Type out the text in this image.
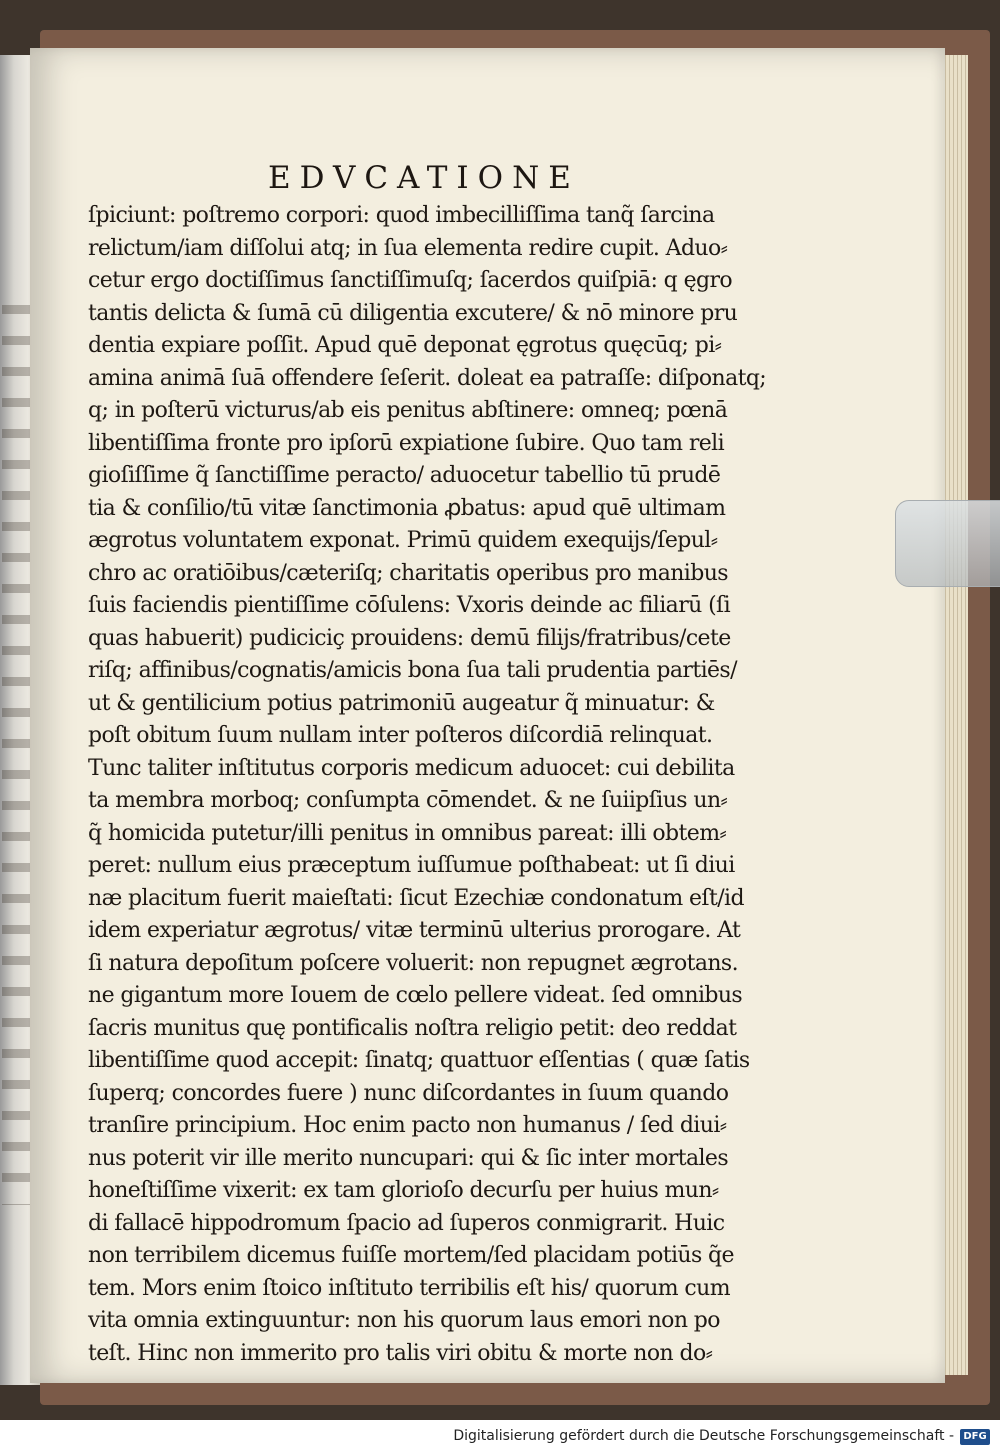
EDVCATIONE
ſpiciunt: poſtremo corpori: quod imbecilliſſima tanq̃ ſarcina
relictum/iam diſſolui atq; in ſua elementa redire cupit. Aduo⸗
cetur ergo doctiſſimus ſanctiſſimuſq; ſacerdos quiſpiā: q ęgro
tantis delicta & ſumā cū diligentia excutere/ & nō minore pru
dentia expiare poſſit. Apud quē deponat ęgrotus quęcūq; pi⸗
amina animā ſuā offendere ſeſerit. doleat ea patraſſe: diſponatq;
q; in poſterū victurus/ab eis penitus abſtinere: omneq; pœnā
libentiſſima fronte pro ipſorū expiatione ſubire. Quo tam reli
gioſiſſime q̃ ſanctiſſime peracto/ aduocetur tabellio tū prudē
tia & conſilio/tū vitæ ſanctimonia ꝓbatus: apud quē ultimam
ægrotus voluntatem exponat. Primū quidem exequijs/ſepul⸗
chro ac oratiōibus/cæteriſq; charitatis operibus pro manibus
ſuis faciendis pientiſſime cōſulens: Vxoris deinde ac filiarū (ſi
quas habuerit) pudiciciç prouidens: demū filijs/fratribus/cete
riſq; affinibus/cognatis/amicis bona ſua tali prudentia partiēs/
ut & gentilicium potius patrimoniū augeatur q̃ minuatur: &
poſt obitum ſuum nullam inter poſteros diſcordiā relinquat.
Tunc taliter inſtitutus corporis medicum aduocet: cui debilita
ta membra morboq; conſumpta cōmendet. & ne ſuiipſius un⸗
q̃ homicida putetur/illi penitus in omnibus pareat: illi obtem⸗
peret: nullum eius præceptum iuſſumue poſthabeat: ut ſi diui
næ placitum fuerit maieſtati: ſicut Ezechiæ condonatum eſt/id
idem experiatur ægrotus/ vitæ terminū ulterius prorogare. At
ſi natura depoſitum poſcere voluerit: non repugnet ægrotans.
ne gigantum more Iouem de cœlo pellere videat. ſed omnibus
ſacris munitus quę pontificalis noſtra religio petit: deo reddat
libentiſſime quod accepit: ſinatq; quattuor eſſentias ( quæ ſatis
ſuperq; concordes fuere ) nunc diſcordantes in ſuum quando
tranſire principium. Hoc enim pacto non humanus / ſed diui⸗
nus poterit vir ille merito nuncupari: qui & ſic inter mortales
honeſtiſſime vixerit: ex tam glorioſo decurſu per huius mun⸗
di fallacē hippodromum ſpacio ad ſuperos conmigrarit. Huic
non terribilem dicemus fuiſſe mortem/ſed placidam potiūs q̃e
tem. Mors enim ſtoico inſtituto terribilis eſt his/ quorum cum
vita omnia extinguuntur: non his quorum laus emori non po
teſt. Hinc non immerito pro talis viri obitu & morte non do⸗
Digitalisierung gefördert durch die Deutsche Forschungsgemeinschaft - DFG
